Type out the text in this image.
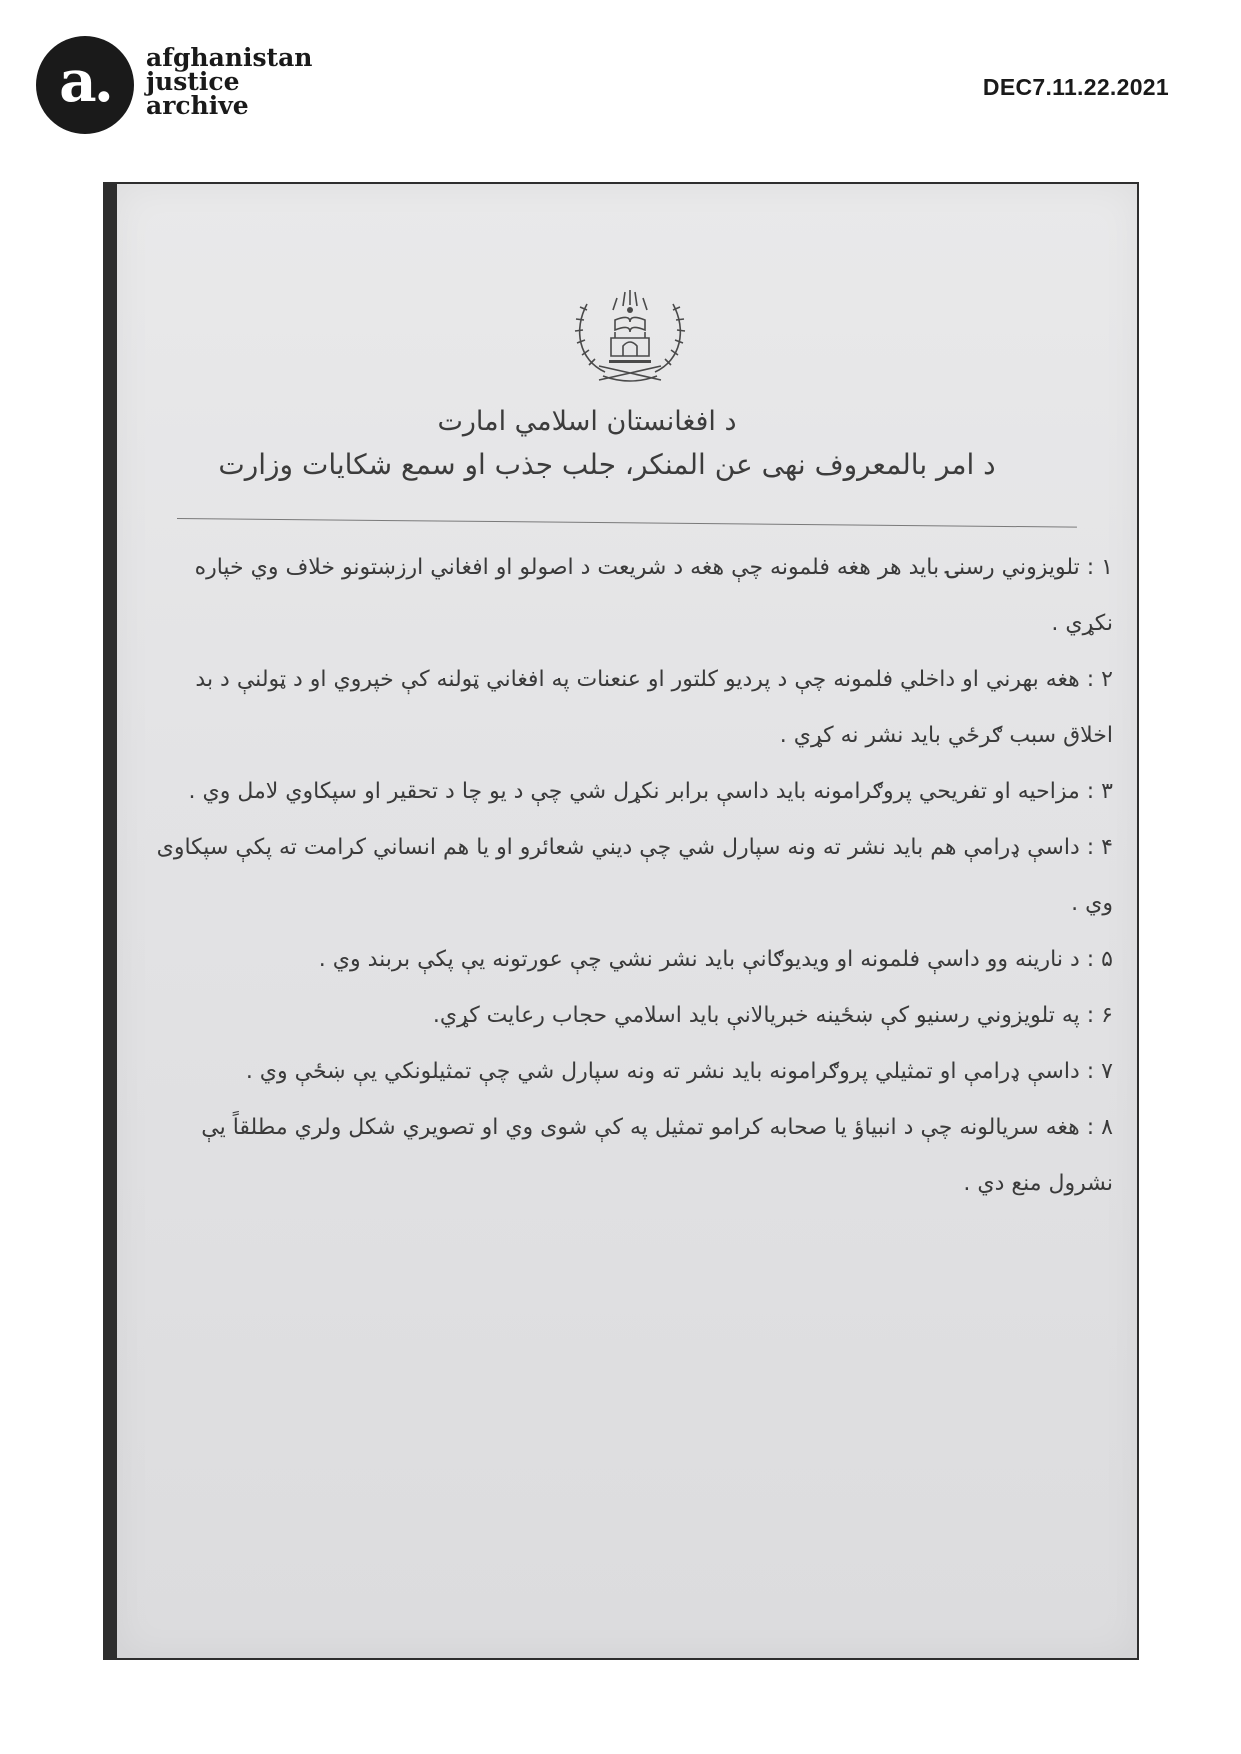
a. afghanistan
justice
archive
DEC7.11.22.2021
د افغانستان اسلامي امارت
د امر بالمعروف نهی عن المنکر، جلب جذب او سمع شکایات وزارت

۱ : تلویزوني رسنۍ باید هر هغه فلمونه چې هغه د شریعت د اصولو او افغاني ارزښتونو خلاف وي خپاره نکړي .

۲ : هغه بهرني او داخلي فلمونه چې د پردیو کلتور او عنعنات په افغاني ټولنه کې خپروي او د ټولنې د بد اخلاق سبب ګرځي باید نشر نه کړي .

۳ : مزاحیه او تفریحي پروګرامونه باید داسې برابر نکړل شي چې د یو چا د تحقیر او سپکاوي لامل وي .

۴ : داسې ډرامې هم باید نشر ته ونه سپارل شي چې دیني شعائرو او یا هم انساني کرامت ته پکې سپکاوی وي .

۵ : د نارینه وو داسې فلمونه او ویدیوګانې باید نشر نشي چې عورتونه یې پکې بربند وي .

۶ : په تلویزوني رسنیو کې ښځینه خبریالانې باید اسلامي حجاب رعایت کړي.

۷ : داسې ډرامې او تمثیلي پروګرامونه باید نشر ته ونه سپارل شي چې تمثیلونکي یې ښځې وي .

۸ : هغه سریالونه چې د انبیاؤ یا صحابه کرامو تمثیل په کې شوی وي او تصویري شکل ولري مطلقاً یې نشرول منع دي .
